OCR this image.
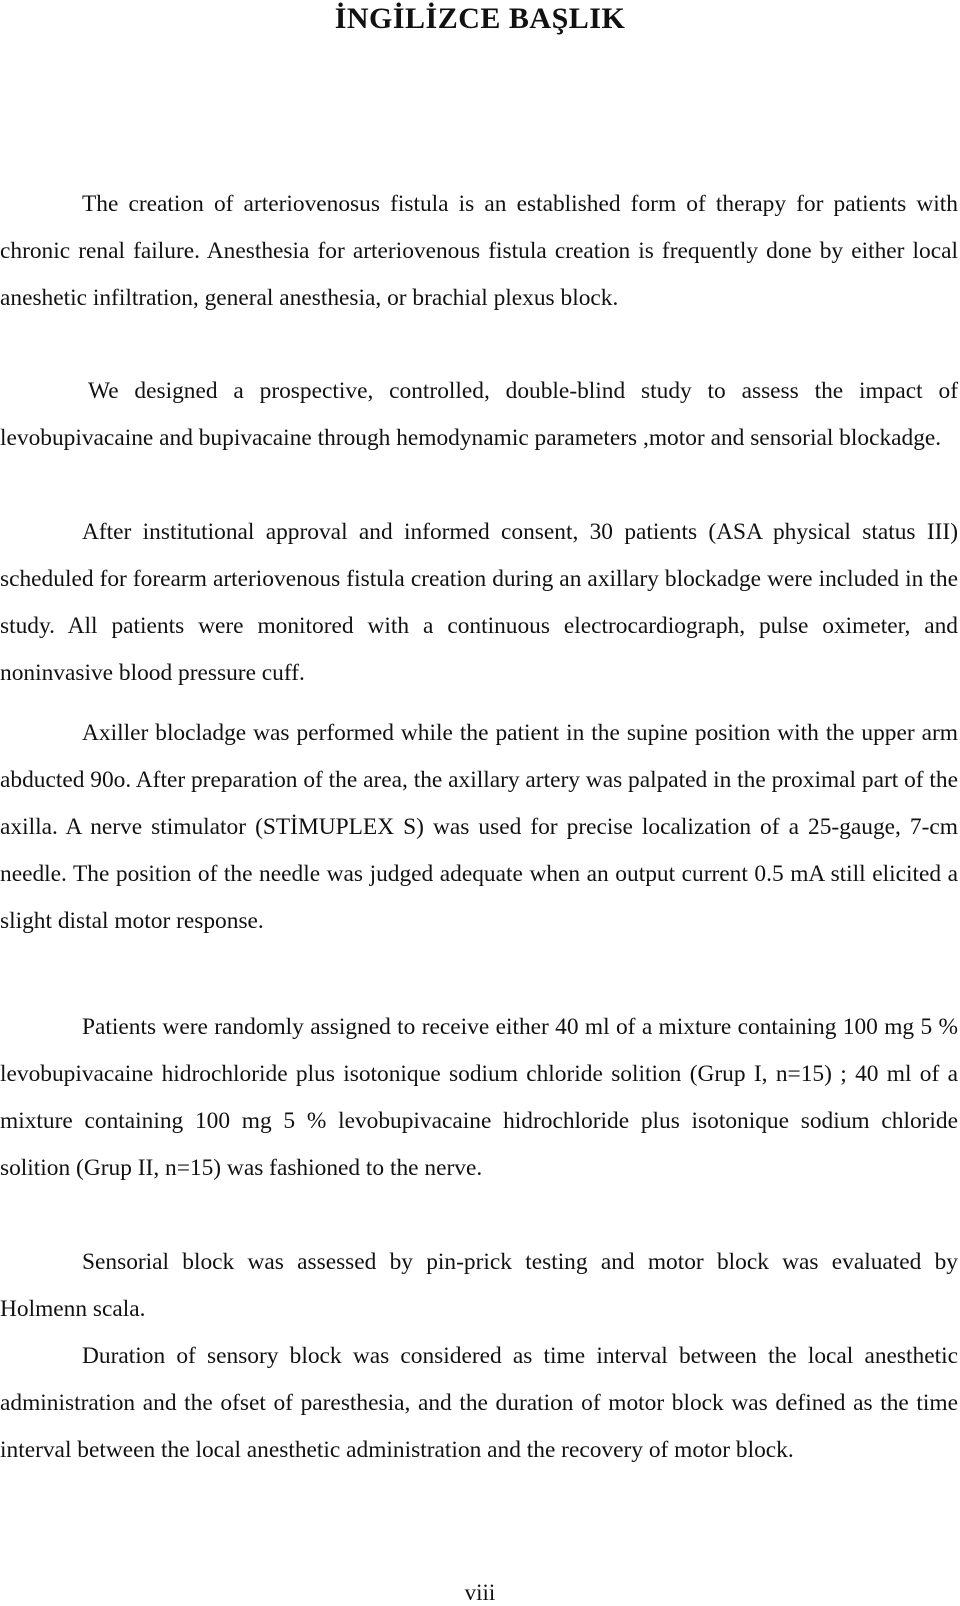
İNGİLİZCE BAŞLIK

The creation of arteriovenosus fistula is an established form of therapy for patients with chronic renal failure. Anesthesia for arteriovenous fistula creation is frequently done by either local aneshetic infiltration, general anesthesia, or brachial plexus block.

We designed a prospective, controlled, double-blind study to assess the impact of levobupivacaine and bupivacaine through hemodynamic parameters ,motor and sensorial blockadge.

After institutional approval and informed consent, 30 patients (ASA physical status III) scheduled for forearm arteriovenous fistula creation during an axillary blockadge were included in the study. All patients were monitored with a continuous electrocardiograph, pulse oximeter, and noninvasive blood pressure cuff.

Axiller blocladge was performed while the patient in the supine position with the upper arm abducted 90o. After preparation of the area, the axillary artery was palpated in the proximal part of the axilla. A nerve stimulator (STİMUPLEX S) was used for precise localization of a 25-gauge, 7-cm needle. The position of the needle was judged adequate when an output current 0.5 mA still elicited a slight distal motor response.

Patients were randomly assigned to receive either 40 ml of a mixture containing 100 mg 5 % levobupivacaine hidrochloride plus isotonique sodium chloride solition (Grup I, n=15) ; 40 ml of a mixture containing 100 mg 5 % levobupivacaine hidrochloride plus isotonique sodium chloride solition (Grup II, n=15) was fashioned to the nerve.

Sensorial block was assessed by pin-prick testing and motor block was evaluated by Holmenn scala.

Duration of sensory block was considered as time interval between the local anesthetic administration and the ofset of paresthesia, and the duration of motor block was defined as the time interval between the local anesthetic administration and the recovery of motor block.

viii
